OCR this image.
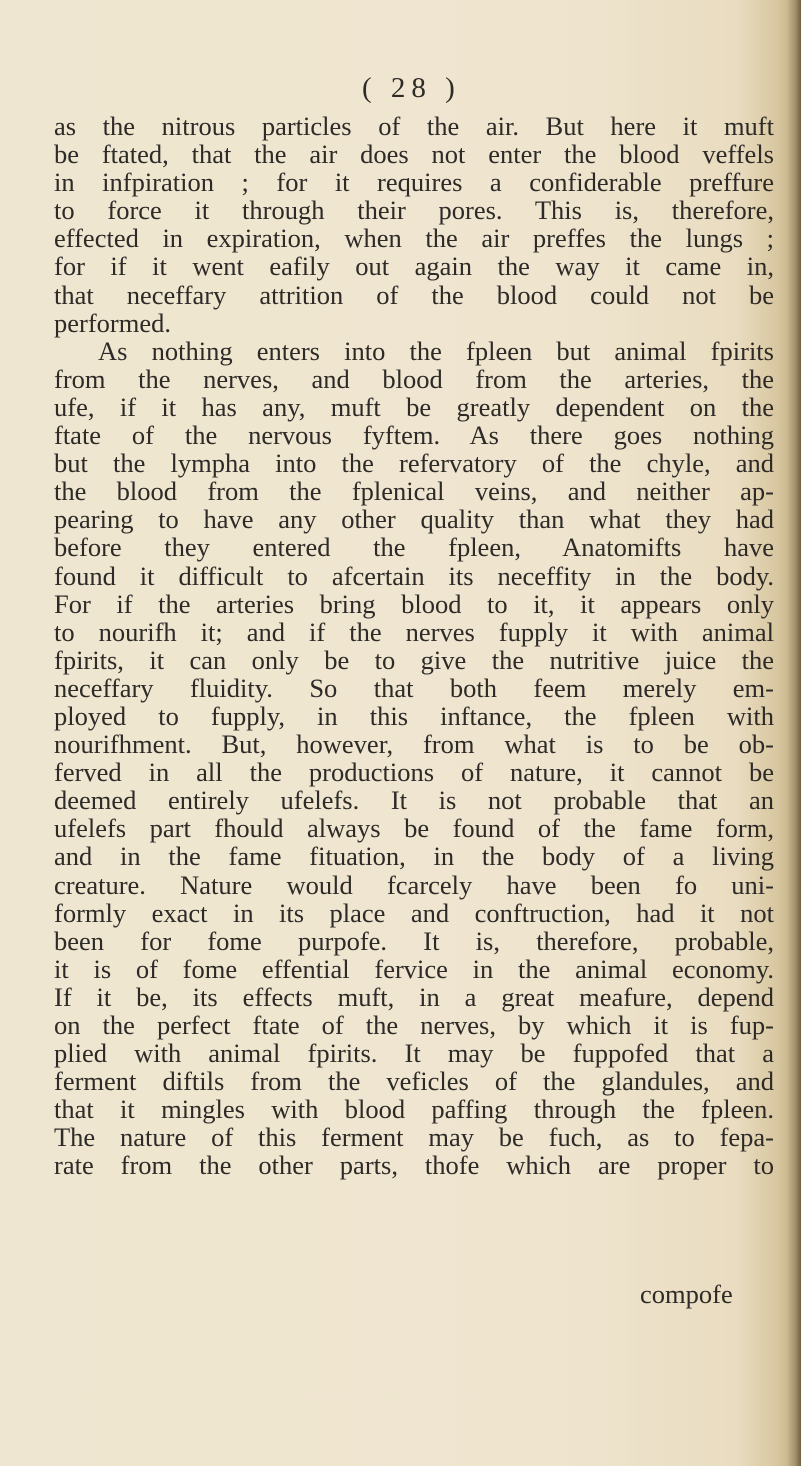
( 28 )
as the nitrous particles of the air. But here it muft
be ftated, that the air does not enter the blood veffels
in infpiration ; for it requires a confiderable preffure
to force it through their pores. This is, therefore,
effected in expiration, when the air preffes the lungs ;
for if it went eafily out again the way it came in,
that neceffary attrition of the blood could not be
performed.
As nothing enters into the fpleen but animal fpirits
from the nerves, and blood from the arteries, the
ufe, if it has any, muft be greatly dependent on the
ftate of the nervous fyftem. As there goes nothing
but the lympha into the refervatory of the chyle, and
the blood from the fplenical veins, and neither ap-
pearing to have any other quality than what they had
before they entered the fpleen, Anatomifts have
found it difficult to afcertain its neceffity in the body.
For if the arteries bring blood to it, it appears only
to nourifh it; and if the nerves fupply it with animal
fpirits, it can only be to give the nutritive juice the
neceffary fluidity. So that both feem merely em-
ployed to fupply, in this inftance, the fpleen with
nourifhment. But, however, from what is to be ob-
ferved in all the productions of nature, it cannot be
deemed entirely ufelefs. It is not probable that an
ufelefs part fhould always be found of the fame form,
and in the fame fituation, in the body of a living
creature. Nature would fcarcely have been fo uni-
formly exact in its place and conftruction, had it not
been for fome purpofe. It is, therefore, probable,
it is of fome effential fervice in the animal economy.
If it be, its effects muft, in a great meafure, depend
on the perfect ftate of the nerves, by which it is fup-
plied with animal fpirits. It may be fuppofed that a
ferment diftils from the veficles of the glandules, and
that it mingles with blood paffing through the fpleen.
The nature of this ferment may be fuch, as to fepa-
rate from the other parts, thofe which are proper to
compofe
